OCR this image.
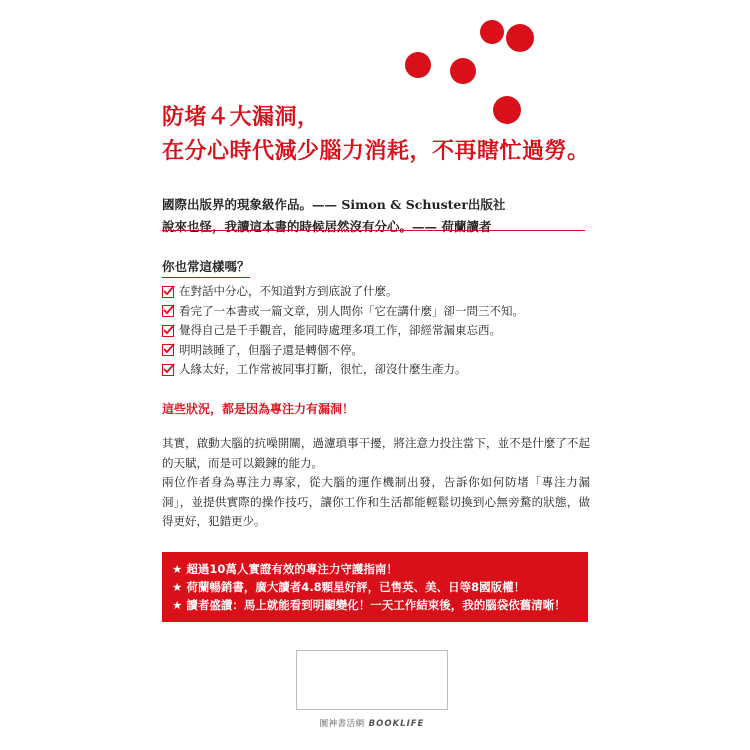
防堵４大漏洞，
在分心時代減少腦力消耗，不再瞎忙過勞。
國際出版界的現象級作品。—— Simon & Schuster出版社
說來也怪，我讀這本書的時候居然沒有分心。—— 荷蘭讀者
你也常這樣嗎？
在對話中分心，不知道對方到底說了什麼。
看完了一本書或一篇文章，別人問你「它在講什麼」卻一問三不知。
覺得自己是千手觀音，能同時處理多項工作，卻經常漏東忘西。
明明該睡了，但腦子還是轉個不停。
人緣太好，工作常被同事打斷，很忙，卻沒什麼生產力。
這些狀況，都是因為專注力有漏洞！

其實，啟動大腦的抗噪開關，過濾瑣事干擾，將注意力投注當下，並不是什麼了不起的天賦，而是可以鍛鍊的能力。

兩位作者身為專注力專家，從大腦的運作機制出發，告訴你如何防堵「專注力漏洞」，並提供實際的操作技巧，讓你工作和生活都能輕鬆切換到心無旁騖的狀態，做得更好，犯錯更少。

★ 超過10萬人實證有效的專注力守護指南！
★ 荷蘭暢銷書，廣大讀者4.8顆星好評，已售英、美、日等8國版權！
★ 讀者盛讚：馬上就能看到明顯變化！一天工作結束後，我的腦袋依舊清晰！
圖神書活網 BOOKLIFE
